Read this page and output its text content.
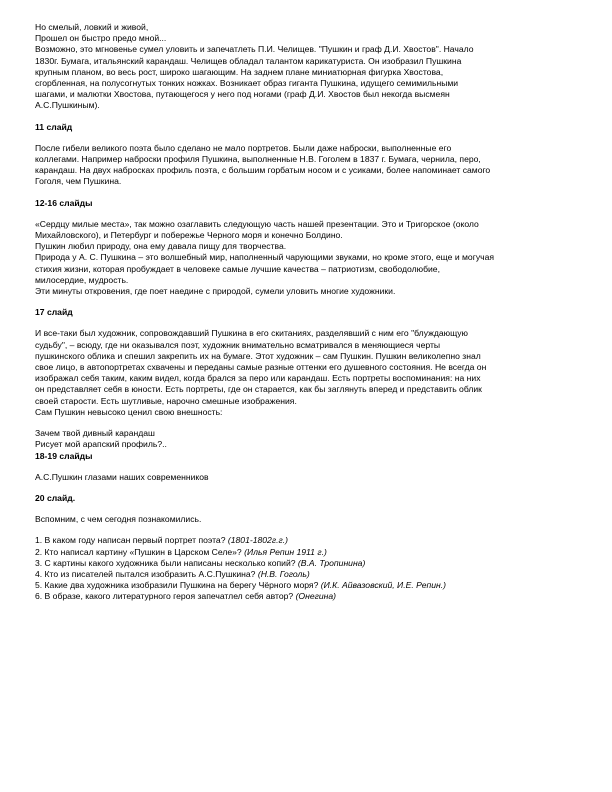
Но смелый, ловкий и живой,

Прошел он быстро предо мной...

Возможно, это мгновенье сумел уловить и запечатлеть П.И. Челищев. "Пушкин и граф Д.И. Хвостов". Начало

1830г. Бумага, итальянский карандаш. Челищев обладал талантом карикатуриста. Он изобразил Пушкина

крупным планом, во весь рост, широко шагающим. На заднем плане миниатюрная фигурка Хвостова,

сгорбленная, на полусогнутых тонких ножках. Возникает образ гиганта Пушкина, идущего семимильными

шагами, и малютки Хвостова, путающегося у него под ногами (граф Д.И. Хвостов был некогда высмеян

А.С.Пушкиным).

11 слайд

После гибели великого поэта было сделано не мало портретов. Были даже наброски, выполненные его

коллегами. Например наброски профиля Пушкина, выполненные Н.В. Гоголем в 1837 г. Бумага, чернила, перо,

карандаш. На двух набросках профиль поэта, с большим горбатым носом и с усиками, более напоминает самого

Гоголя, чем Пушкина.

12-16 слайды

«Сердцу милые места», так можно озаглавить следующую часть нашей презентации. Это и Тригорское (около

Михайловского), и Петербург и побережье Черного моря и конечно Болдино.

Пушкин любил природу, она ему давала пищу для творчества.

Природа у А. С. Пушкина – это волшебный мир, наполненный чарующими звуками, но кроме этого, еще и могучая

стихия жизни, которая пробуждает в человеке самые лучшие качества – патриотизм, свободолюбие,

милосердие, мудрость.

Эти минуты откровения, где поет наедине с природой, сумели уловить многие художники.

17 слайд

И все-таки был художник, сопровождавший Пушкина в его скитаниях, разделявший с ним его "блуждающую

судьбу", – всюду, где ни оказывался поэт, художник внимательно всматривался в меняющиеся черты

пушкинского облика и спешил закрепить их на бумаге. Этот художник – сам Пушкин. Пушкин великолепно знал

свое лицо, в автопортретах схвачены и переданы самые разные оттенки его душевного состояния. Не всегда он

изображал себя таким, каким видел, когда брался за перо или карандаш. Есть портреты воспоминания: на них

он представляет себя в юности. Есть портреты, где он старается, как бы заглянуть вперед и представить облик

своей старости. Есть шутливые, нарочно смешные изображения.

Сам Пушкин невысоко ценил свою внешность:

Зачем твой дивный карандаш

Рисует мой арапский профиль?..

18-19 слайды

А.С.Пушкин глазами наших современников

20 слайд.

Вспомним, с чем сегодня познакомились.

1. В каком году написан первый портрет поэта? (1801-1802г.г.)

2. Кто написал картину «Пушкин в Царском Селе»? (Илья Репин 1911 г.)

3. С картины какого художника были написаны несколько копий? (В.А. Тропинина)

4. Кто из писателей пытался изобразить А.С.Пушкина? (Н.В. Гоголь)

5. Какие два художника изобразили Пушкина на берегу Чёрного моря? (И.К. Айвазовский, И.Е. Репин.)

6. В образе, какого литературного героя запечатлел себя автор? (Онегина)
